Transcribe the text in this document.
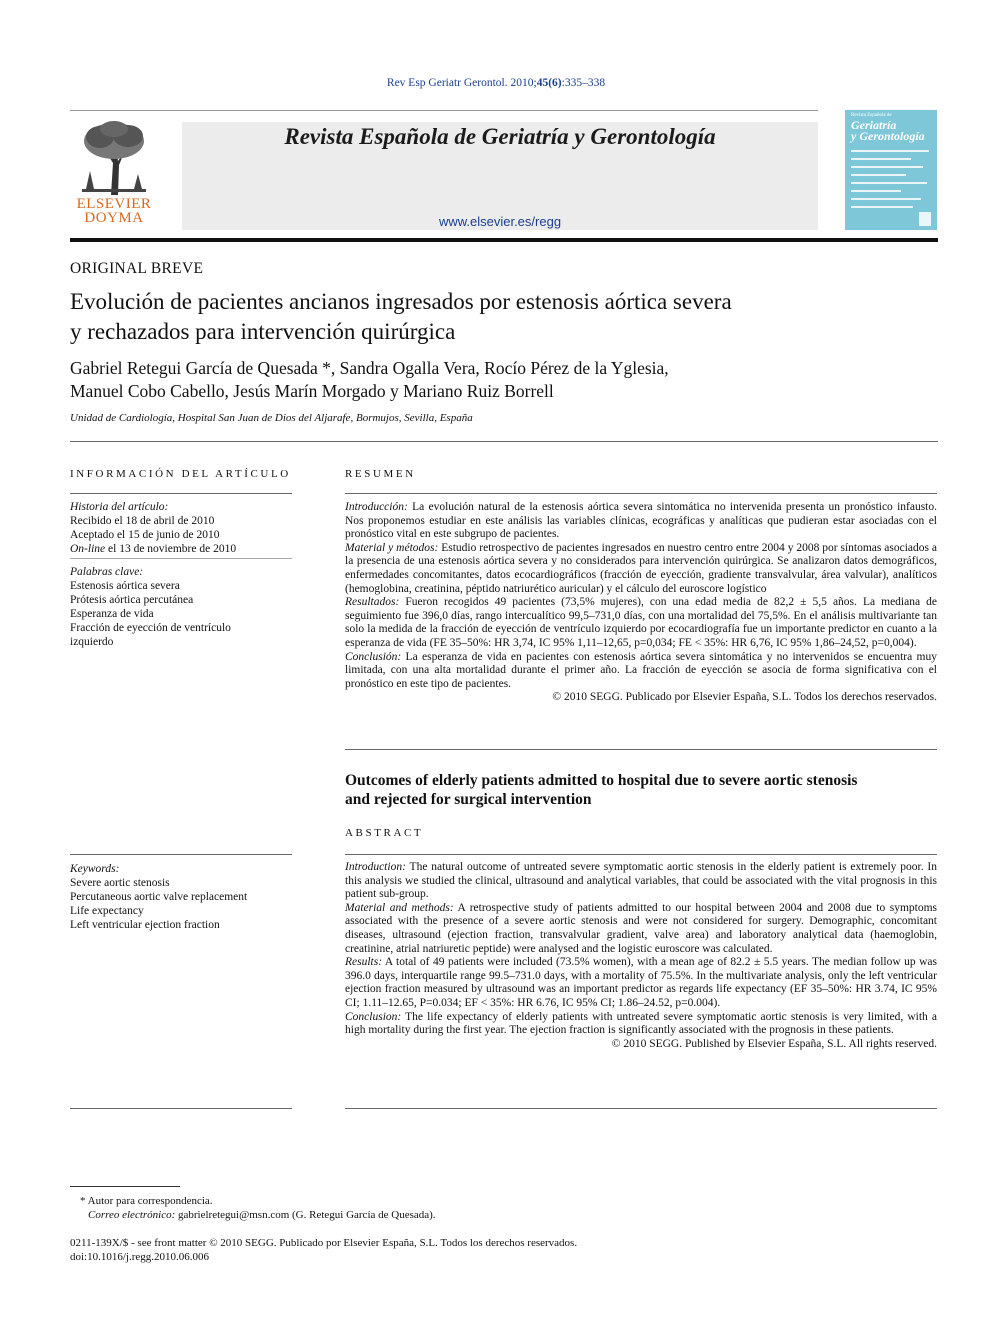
Rev Esp Geriatr Gerontol. 2010;45(6):335–338
ELSEVIER
DOYMA
Revista Española de Geriatría y Gerontología
www.elsevier.es/regg
Revista Española de
Geriatría
y Gerontología
ORIGINAL BREVE
Evolución de pacientes ancianos ingresados por estenosis aórtica severa
y rechazados para intervención quirúrgica
Gabriel Retegui García de Quesada *, Sandra Ogalla Vera, Rocío Pérez de la Yglesia,
Manuel Cobo Cabello, Jesús Marín Morgado y Mariano Ruiz Borrell
Unidad de Cardiología, Hospital San Juan de Dios del Aljarafe, Bormujos, Sevilla, España
INFORMACIÓN DEL ARTÍCULO
Historia del artículo:
Recibido el 18 de abril de 2010
Aceptado el 15 de junio de 2010
On-line el 13 de noviembre de 2010
Palabras clave:
Estenosis aórtica severa
Prótesis aórtica percutánea
Esperanza de vida
Fracción de eyección de ventrículo
izquierdo
RESUMEN

Introducción: La evolución natural de la estenosis aórtica severa sintomática no intervenida presenta un pronóstico infausto. Nos proponemos estudiar en este análisis las variables clínicas, ecográficas y analíticas que pudieran estar asociadas con el pronóstico vital en este subgrupo de pacientes.

Material y métodos: Estudio retrospectivo de pacientes ingresados en nuestro centro entre 2004 y 2008 por síntomas asociados a la presencia de una estenosis aórtica severa y no considerados para intervención quirúrgica. Se analizaron datos demográficos, enfermedades concomitantes, datos ecocardiográficos (fracción de eyección, gradiente transvalvular, área valvular), analíticos (hemoglobina, creatinina, péptido natriurético auricular) y el cálculo del euroscore logístico

Resultados: Fueron recogidos 49 pacientes (73,5% mujeres), con una edad media de 82,2 ± 5,5 años. La mediana de seguimiento fue 396,0 días, rango intercualítico 99,5–731,0 días, con una mortalidad del 75,5%. En el análisis multivariante tan solo la medida de la fracción de eyección de ventrículo izquierdo por ecocardiografía fue un importante predictor en cuanto a la esperanza de vida (FE 35–50%: HR 3,74, IC 95% 1,11–12,65, p=0,034; FE < 35%: HR 6,76, IC 95% 1,86–24,52, p=0,004).

Conclusión: La esperanza de vida en pacientes con estenosis aórtica severa sintomática y no intervenidos se encuentra muy limitada, con una alta mortalidad durante el primer año. La fracción de eyección se asocia de forma significativa con el pronóstico en este tipo de pacientes.

© 2010 SEGG. Publicado por Elsevier España, S.L. Todos los derechos reservados.

Outcomes of elderly patients admitted to hospital due to severe aortic stenosis
and rejected for surgical intervention
ABSTRACT
Keywords:
Severe aortic stenosis
Percutaneous aortic valve replacement
Life expectancy
Left ventricular ejection fraction

Introduction: The natural outcome of untreated severe symptomatic aortic stenosis in the elderly patient is extremely poor. In this analysis we studied the clinical, ultrasound and analytical variables, that could be associated with the vital prognosis in this patient sub-group.

Material and methods: A retrospective study of patients admitted to our hospital between 2004 and 2008 due to symptoms associated with the presence of a severe aortic stenosis and were not considered for surgery. Demographic, concomitant diseases, ultrasound (ejection fraction, transvalvular gradient, valve area) and laboratory analytical data (haemoglobin, creatinine, atrial natriuretic peptide) were analysed and the logistic euroscore was calculated.

Results: A total of 49 patients were included (73.5% women), with a mean age of 82.2 ± 5.5 years. The median follow up was 396.0 days, interquartile range 99.5–731.0 days, with a mortality of 75.5%. In the multivariate analysis, only the left ventricular ejection fraction measured by ultrasound was an important predictor as regards life expectancy (EF 35–50%: HR 3.74, IC 95% CI; 1.11–12.65, P=0.034; EF < 35%: HR 6.76, IC 95% CI; 1.86–24.52, p=0.004).

Conclusion: The life expectancy of elderly patients with untreated severe symptomatic aortic stenosis is very limited, with a high mortality during the first year. The ejection fraction is significantly associated with the prognosis in these patients.

© 2010 SEGG. Published by Elsevier España, S.L. All rights reserved.

* Autor para correspondencia.
Correo electrónico: gabrielretegui@msn.com (G. Retegui García de Quesada).
0211-139X/$ - see front matter © 2010 SEGG. Publicado por Elsevier España, S.L. Todos los derechos reservados.
doi:10.1016/j.regg.2010.06.006
